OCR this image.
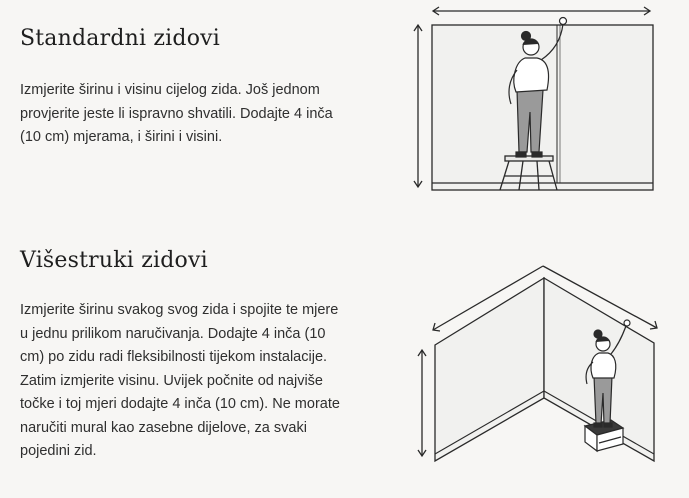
Standardni zidovi

Izmjerite širinu i visinu cijelog zida. Još jednom provjerite jeste li ispravno shvatili. Dodajte 4 inča (10 cm) mjerama, i širini i visini.

Višestruki zidovi

Izmjerite širinu svakog svog zida i spojite te mjere u jednu prilikom naručivanja. Dodajte 4 inča (10 cm) po zidu radi fleksibilnosti tijekom instalacije. Zatim izmjerite visinu. Uvijek počnite od najviše točke i toj mjeri dodajte 4 inča (10 cm). Ne morate naručiti mural kao zasebne dijelove, za svaki pojedini zid.
